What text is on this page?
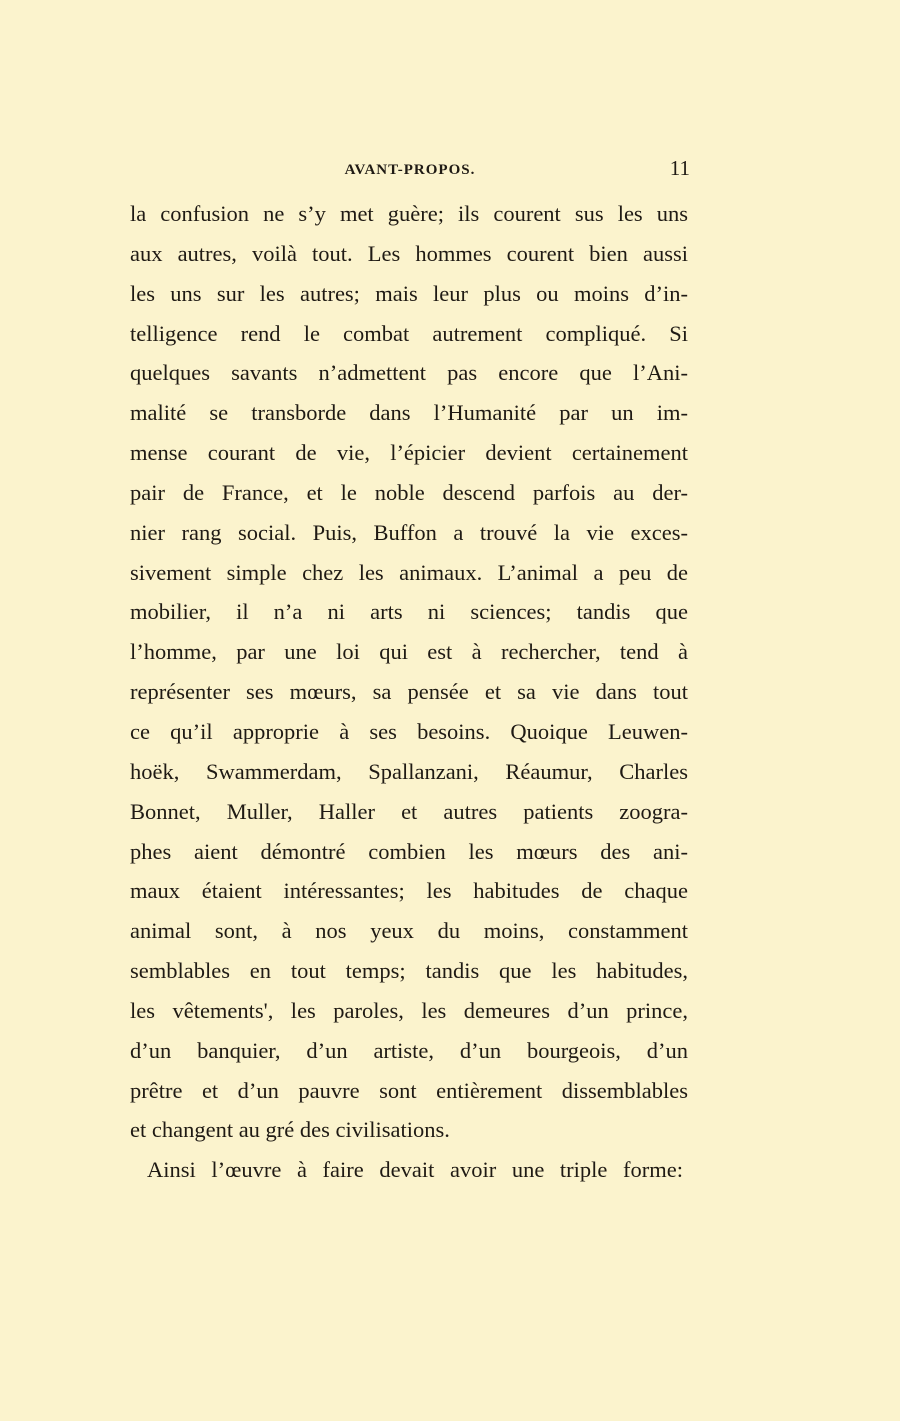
AVANT-PROPOS.	11
la confusion ne s’y met guère; ils courent sus les uns
aux autres, voilà tout. Les hommes courent bien aussi
les uns sur les autres; mais leur plus ou moins d’in-
telligence rend le combat autrement compliqué. Si
quelques savants n’admettent pas encore que l’Ani-
malité se transborde dans l’Humanité par un im-
mense courant de vie, l’épicier devient certainement
pair de France, et le noble descend parfois au der-
nier rang social. Puis, Buffon a trouvé la vie exces-
sivement simple chez les animaux. L’animal a peu de
mobilier, il n’a ni arts ni sciences; tandis que
l’homme, par une loi qui est à rechercher, tend à
représenter ses mœurs, sa pensée et sa vie dans tout
ce qu’il approprie à ses besoins. Quoique Leuwen-
hoëk, Swammerdam, Spallanzani, Réaumur, Charles
Bonnet, Muller, Haller et autres patients zoogra-
phes aient démontré combien les mœurs des ani-
maux étaient intéressantes; les habitudes de chaque
animal sont, à nos yeux du moins, constamment
semblables en tout temps; tandis que les habitudes,
les vêtements', les paroles, les demeures d’un prince,
d’un banquier, d’un artiste, d’un bourgeois, d’un
prêtre et d’un pauvre sont entièrement dissemblables
et changent au gré des civilisations.
Ainsi l’œuvre à faire devait avoir une triple forme:
